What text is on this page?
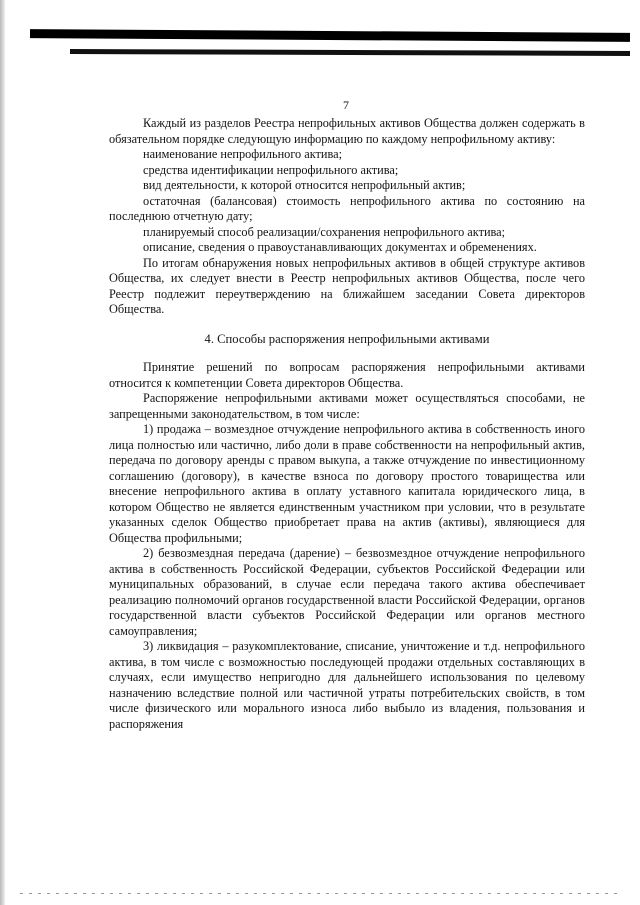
7

Каждый из разделов Реестра непрофильных активов Общества должен содержать в обязательном порядке следующую информацию по каждому непрофильному активу:

наименование непрофильного актива;

средства идентификации непрофильного актива;

вид деятельности, к которой относится непрофильный актив;

остаточная (балансовая) стоимость непрофильного актива по состоянию на последнюю отчетную дату;

планируемый способ реализации/сохранения непрофильного актива;

описание, сведения о правоустанавливающих документах и обременениях.

По итогам обнаружения новых непрофильных активов в общей структуре активов Общества, их следует внести в Реестр непрофильных активов Общества, после чего Реестр подлежит переутверждению на ближайшем заседании Совета директоров Общества.

4. Способы распоряжения непрофильными активами

Принятие решений по вопросам распоряжения непрофильными активами относится к компетенции Совета директоров Общества.

Распоряжение непрофильными активами может осуществляться способами, не запрещенными законодательством, в том числе:

1) продажа – возмездное отчуждение непрофильного актива в собственность иного лица полностью или частично, либо доли в праве собственности на непрофильный актив, передача по договору аренды с правом выкупа, а также отчуждение по инвестиционному соглашению (договору), в качестве взноса по договору простого товарищества или внесение непрофильного актива в оплату уставного капитала юридического лица, в котором Общество не является единственным участником при условии, что в результате указанных сделок Общество приобретает права на актив (активы), являющиеся для Общества профильными;

2) безвозмездная передача (дарение) – безвозмездное отчуждение непрофильного актива в собственность Российской Федерации, субъектов Российской Федерации или муниципальных образований, в случае если передача такого актива обеспечивает реализацию полномочий органов государственной власти Российской Федерации, органов государственной власти субъектов Российской Федерации или органов местного самоуправления;

3) ликвидация – разукомплектование, списание, уничтожение и т.д. непрофильного актива, в том числе с возможностью последующей продажи отдельных составляющих в случаях, если имущество непригодно для дальнейшего использования по целевому назначению вследствие полной или частичной утраты потребительских свойств, в том числе физического или морального износа либо выбыло из владения, пользования и распоряжения
